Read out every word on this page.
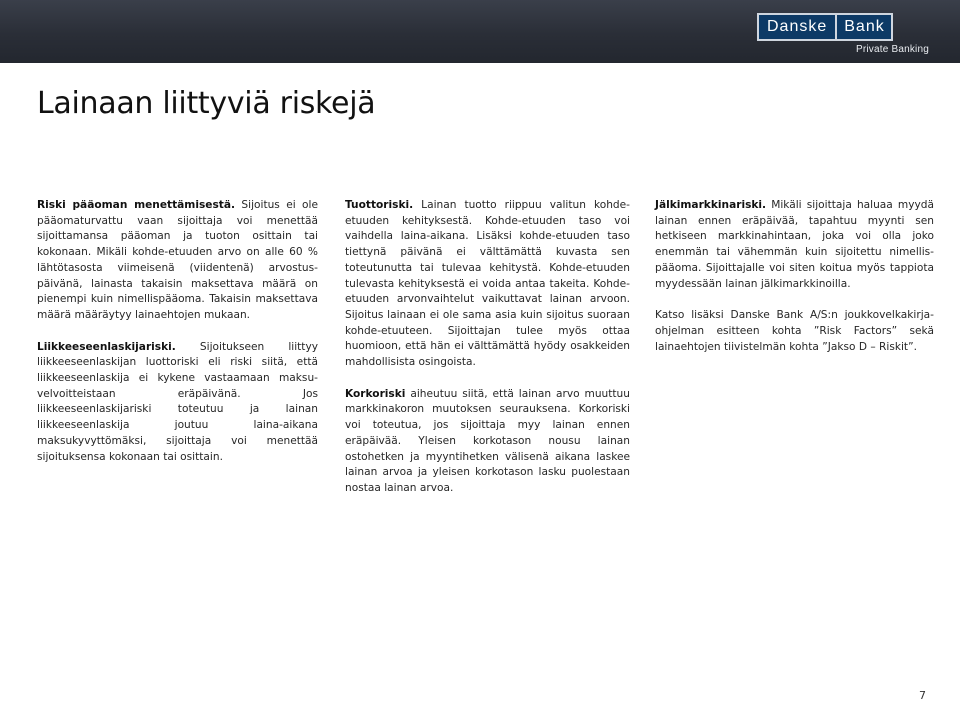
Danske	Bank
Private Banking
Lainaan liittyviä riskejä

Riski pääoman menettämisestä. Sijoitus ei ole pääomaturvattu vaan sijoittaja voi menettää sijoittamansa pääoman ja tuoton osittain tai kokonaan. Mikäli kohde-etuuden arvo on alle 60 % lähtötasosta viimeisenä (viidentenä) arvostus-päivänä, lainasta takaisin maksettava määrä on pienempi kuin nimellispääoma. Takaisin maksettava määrä määräytyy lainaehtojen mukaan.

Liikkeeseenlaskijariski. Sijoitukseen liittyy liikkeeseenlaskijan luottoriski eli riski siitä, että liikkeeseenlaskija ei kykene vastaamaan maksu-velvoitteistaan eräpäivänä. Jos liikkeeseenlaskijariski toteutuu ja lainan liikkeeseenlaskija joutuu laina-aikana maksukyvyttömäksi, sijoittaja voi menettää sijoituksensa kokonaan tai osittain.

Tuottoriski. Lainan tuotto riippuu valitun kohde-etuuden kehityksestä. Kohde-etuuden taso voi vaihdella laina-aikana. Lisäksi kohde-etuuden taso tiettynä päivänä ei välttämättä kuvasta sen toteutunutta tai tulevaa kehitystä. Kohde-etuuden tulevasta kehityksestä ei voida antaa takeita. Kohde-etuuden arvonvaihtelut vaikuttavat lainan arvoon. Sijoitus lainaan ei ole sama asia kuin sijoitus suoraan kohde-etuuteen. Sijoittajan tulee myös ottaa huomioon, että hän ei välttämättä hyödy osakkeiden mahdollisista osingoista.

Korkoriski aiheutuu siitä, että lainan arvo muuttuu markkinakoron muutoksen seurauksena. Korkoriski voi toteutua, jos sijoittaja myy lainan ennen eräpäivää. Yleisen korkotason nousu lainan ostohetken ja myyntihetken välisenä aikana laskee lainan arvoa ja yleisen korkotason lasku puolestaan nostaa lainan arvoa.

Jälkimarkkinariski. Mikäli sijoittaja haluaa myydä lainan ennen eräpäivää, tapahtuu myynti sen hetkiseen markkinahintaan, joka voi olla joko enemmän tai vähemmän kuin sijoitettu nimellis-pääoma. Sijoittajalle voi siten koitua myös tappiota myydessään lainan jälkimarkkinoilla.

Katso lisäksi Danske Bank A/S:n joukkovelkakirja-ohjelman esitteen kohta ”Risk Factors” sekä lainaehtojen tiivistelmän kohta ”Jakso D – Riskit”.

7
